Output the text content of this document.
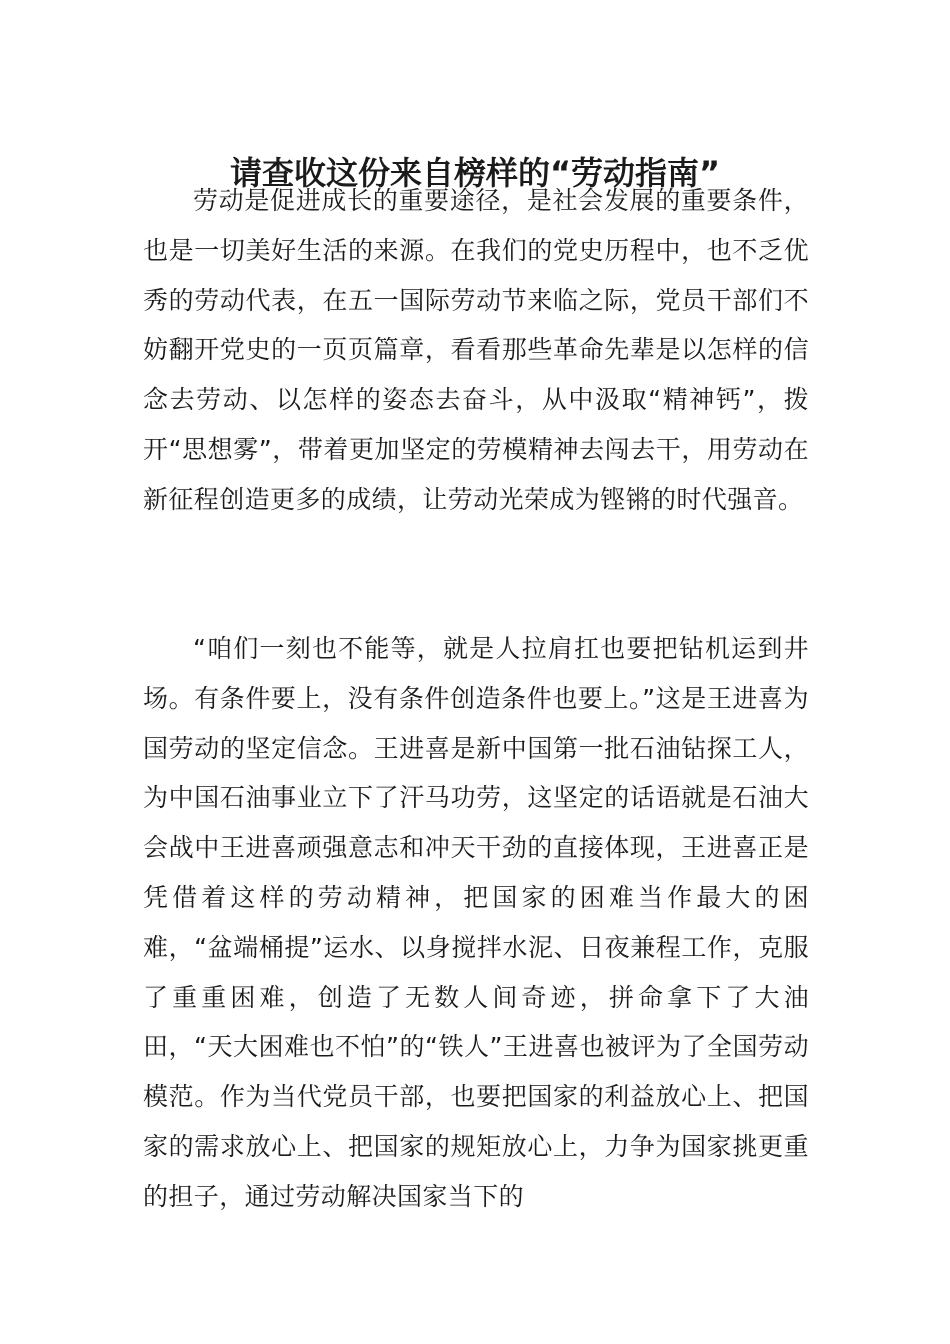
请查收这份来自榜样的“劳动指南”

劳动是促进成长的重要途径，是社会发展的重要条件，也是一切美好生活的来源。在我们的党史历程中，也不乏优秀的劳动代表，在五一国际劳动节来临之际，党员干部们不妨翻开党史的一页页篇章，看看那些革命先辈是以怎样的信念去劳动、以怎样的姿态去奋斗，从中汲取“精神钙”，拨开“思想雾”，带着更加坚定的劳模精神去闯去干，用劳动在新征程创造更多的成绩，让劳动光荣成为铿锵的时代强音。

“咱们一刻也不能等，就是人拉肩扛也要把钻机运到井场。有条件要上，没有条件创造条件也要上。”这是王进喜为国劳动的坚定信念。王进喜是新中国第一批石油钻探工人，为中国石油事业立下了汗马功劳，这坚定的话语就是石油大会战中王进喜顽强意志和冲天干劲的直接体现，王进喜正是凭借着这样的劳动精神，把国家的困难当作最大的困难，“盆端桶提”运水、以身搅拌水泥、日夜兼程工作，克服了重重困难，创造了无数人间奇迹，拼命拿下了大油田，“天大困难也不怕”的“铁人”王进喜也被评为了全国劳动模范。作为当代党员干部，也要把国家的利益放心上、把国家的需求放心上、把国家的规矩放心上，力争为国家挑更重的担子，通过劳动解决国家当下的
